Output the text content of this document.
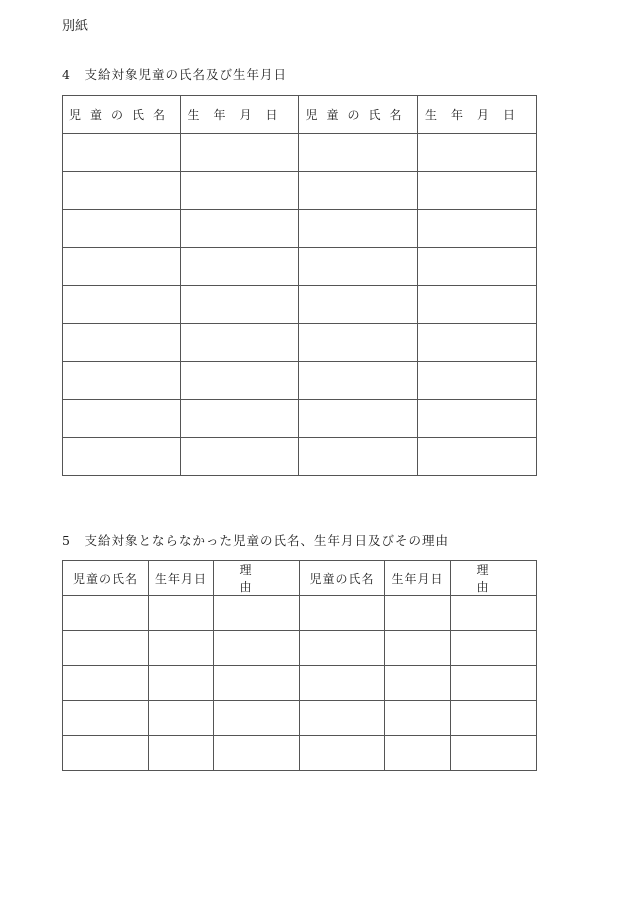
別紙
4　支給対象児童の氏名及び生年月日
児童の氏名	生年月日	児童の氏名	生年月日

5　支給対象とならなかった児童の氏名、生年月日及びその理由
児童の氏名	生年月日	理　由	児童の氏名	生年月日	理　由
